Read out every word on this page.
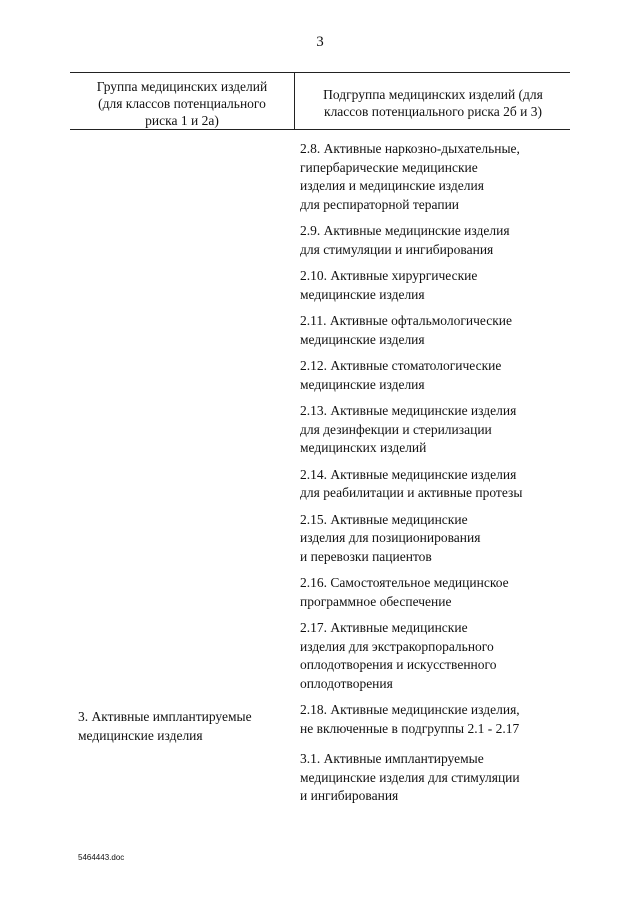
3
Группа медицинских изделий
(для классов потенциального
риска 1 и 2а)
Подгруппа медицинских изделий (для
классов потенциального риска 2б и 3)

2.8. Активные наркозно-дыхательные,
гипербарические медицинские
изделия и медицинские изделия
для респираторной терапии

2.9. Активные медицинские изделия
для стимуляции и ингибирования

2.10. Активные хирургические
медицинские изделия

2.11. Активные офтальмологические
медицинские изделия

2.12. Активные стоматологические
медицинские изделия

2.13. Активные медицинские изделия
для дезинфекции и стерилизации
медицинских изделий

2.14. Активные медицинские изделия
для реабилитации и активные протезы

2.15. Активные медицинские
изделия для позиционирования
и перевозки пациентов

2.16. Самостоятельное медицинское
программное обеспечение

2.17. Активные медицинские
изделия для экстракорпорального
оплодотворения и искусственного
оплодотворения

2.18. Активные медицинские изделия,
не включенные в подгруппы 2.1 - 2.17

3.1. Активные имплантируемые
медицинские изделия для стимуляции
и ингибирования

3. Активные имплантируемые
медицинские изделия

5464443.doc
